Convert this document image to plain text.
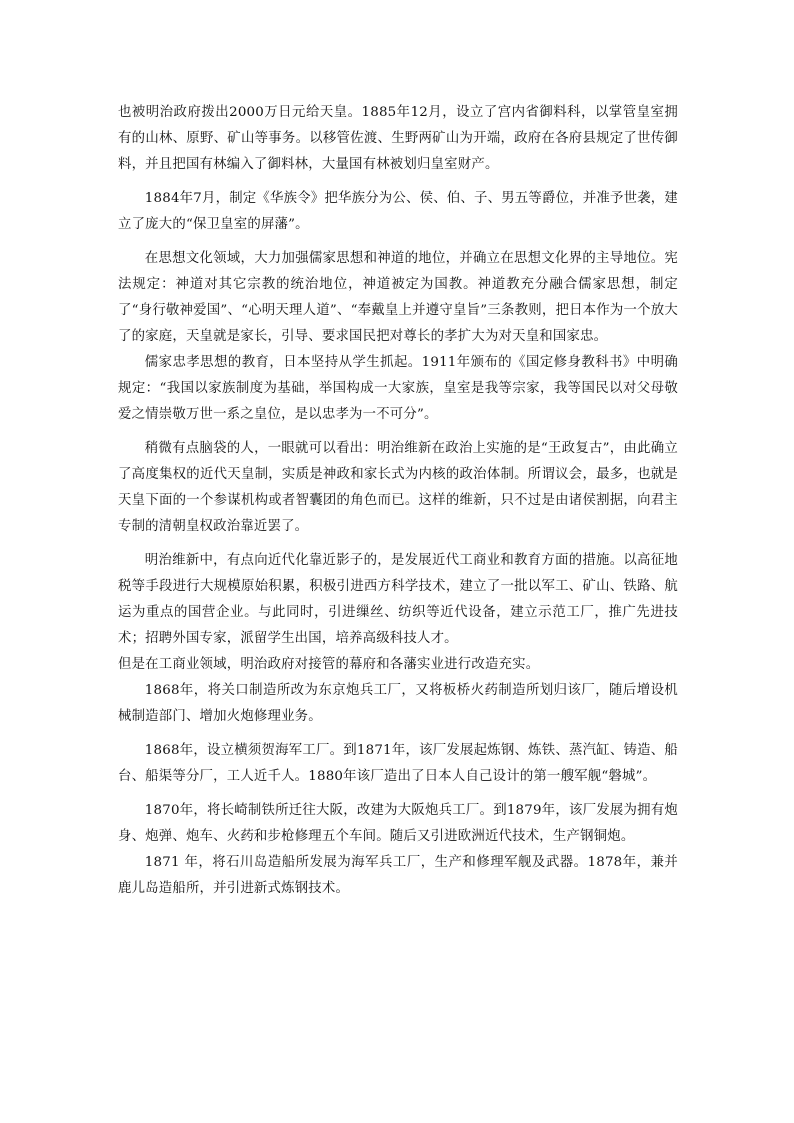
也被明治政府拨出2000万日元给天皇。1885年12月，设立了宫内省御料科，以掌管皇室拥有的山林、原野、矿山等事务。以移管佐渡、生野两矿山为开端，政府在各府县规定了世传御料，并且把国有林编入了御料林，大量国有林被划归皇室财产。

1884年7月，制定《华族令》把华族分为公、侯、伯、子、男五等爵位，并准予世袭，建立了庞大的“保卫皇室的屏藩”。

在思想文化领域，大力加强儒家思想和神道的地位，并确立在思想文化界的主导地位。宪法规定：神道对其它宗教的统治地位，神道被定为国教。神道教充分融合儒家思想，制定了“身行敬神爱国”、“心明天理人道”、“奉戴皇上并遵守皇旨”三条教则，把日本作为一个放大了的家庭，天皇就是家长，引导、要求国民把对尊长的孝扩大为对天皇和国家忠。

儒家忠孝思想的教育，日本坚持从学生抓起。1911年颁布的《国定修身教科书》中明确规定：“我国以家族制度为基础，举国构成一大家族，皇室是我等宗家，我等国民以对父母敬爱之情崇敬万世一系之皇位，是以忠孝为一不可分”。

稍微有点脑袋的人，一眼就可以看出：明治维新在政治上实施的是“王政复古”，由此确立了高度集权的近代天皇制，实质是神政和家长式为内核的政治体制。所谓议会，最多，也就是天皇下面的一个参谋机构或者智囊团的角色而已。这样的维新，只不过是由诸侯割据，向君主专制的清朝皇权政治靠近罢了。

明治维新中，有点向近代化靠近影子的，是发展近代工商业和教育方面的措施。以高征地税等手段进行大规模原始积累，积极引进西方科学技术，建立了一批以军工、矿山、铁路、航运为重点的国营企业。与此同时，引进缫丝、纺织等近代设备，建立示范工厂，推广先进技术；招聘外国专家，派留学生出国，培养高级科技人才。

但是在工商业领域，明治政府对接管的幕府和各藩实业进行改造充实。

1868年，将关口制造所改为东京炮兵工厂，又将板桥火药制造所划归该厂，随后增设机械制造部门、增加火炮修理业务。

1868年，设立横须贺海军工厂。到1871年，该厂发展起炼钢、炼铁、蒸汽缸、铸造、船台、船渠等分厂，工人近千人。1880年该厂造出了日本人自己设计的第一艘军舰“磐城”。

1870年，将长崎制铁所迁往大阪，改建为大阪炮兵工厂。到1879年，该厂发展为拥有炮身、炮弹、炮车、火药和步枪修理五个车间。随后又引进欧洲近代技术，生产钢铜炮。

1871 年，将石川岛造船所发展为海军兵工厂，生产和修理军舰及武器。1878年，兼并鹿儿岛造船所，并引进新式炼钢技术。
